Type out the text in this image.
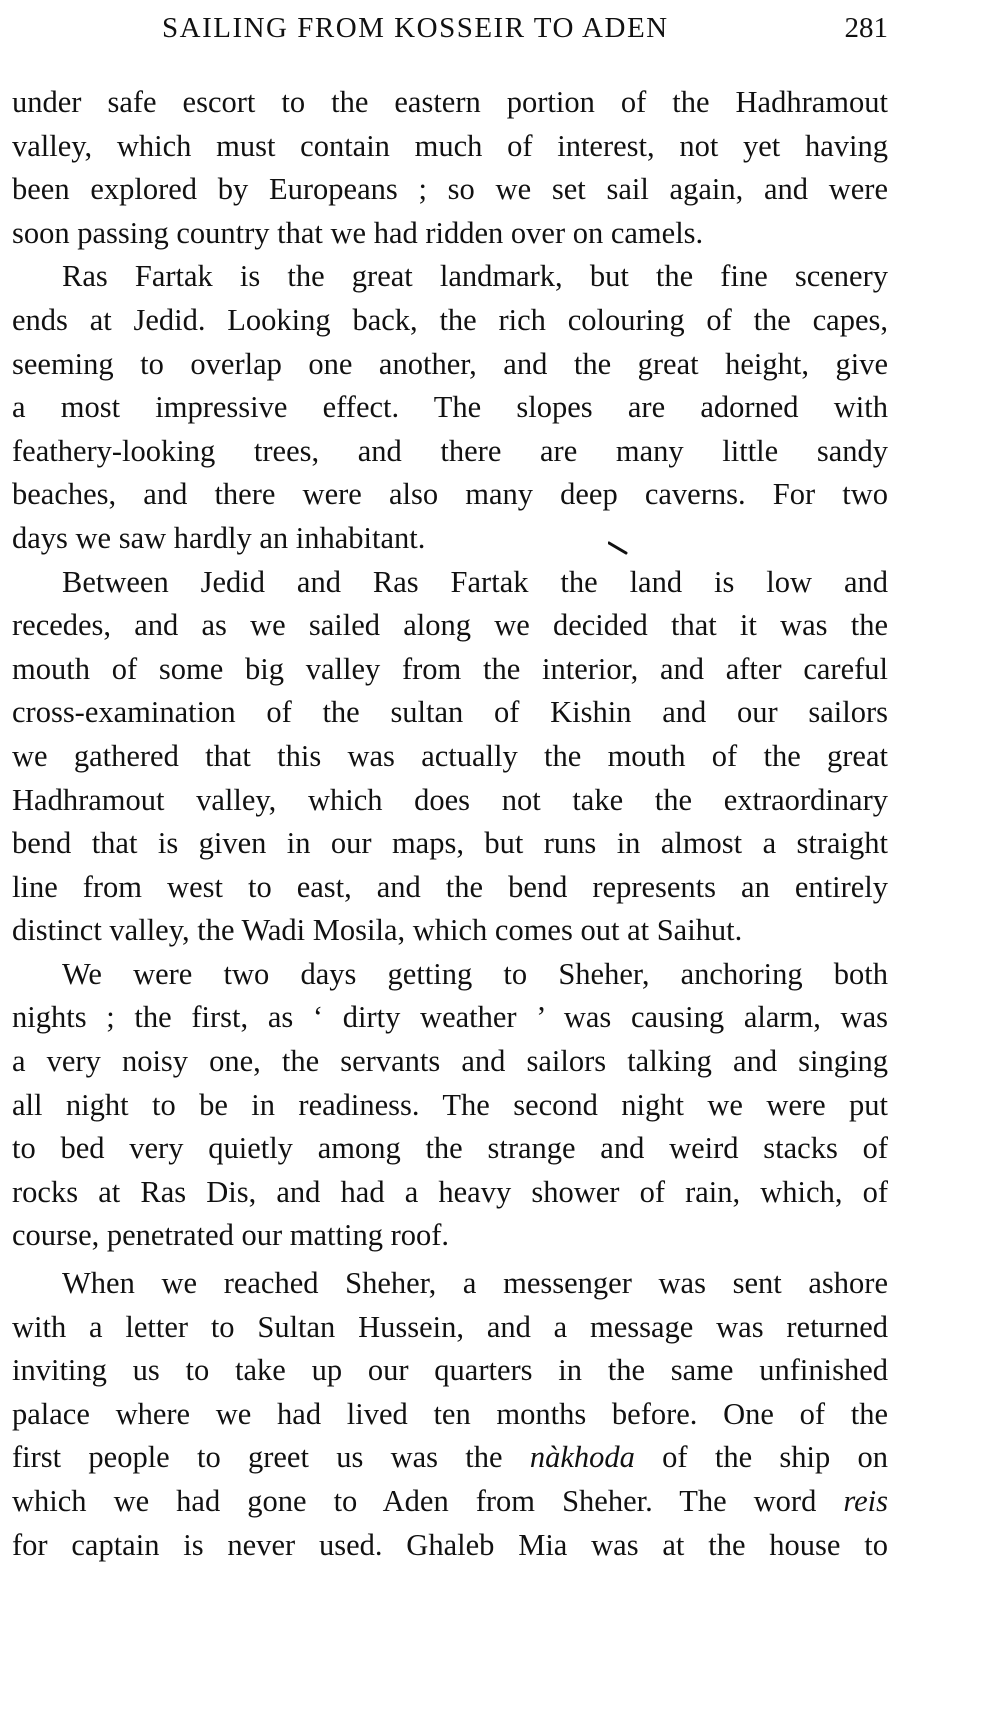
SAILING FROM KOSSEIR TO ADEN	281
under safe escort to the eastern portion of the Hadhramout
valley, which must contain much of interest, not yet having
been explored by Europeans ; so we set sail again, and were
soon passing country that we had ridden over on camels.
Ras Fartak is the great landmark, but the fine scenery
ends at Jedid. Looking back, the rich colouring of the capes,
seeming to overlap one another, and the great height, give
a most impressive effect. The slopes are adorned with
feathery-looking trees, and there are many little sandy
beaches, and there were also many deep caverns. For two
days we saw hardly an inhabitant.
Between Jedid and Ras Fartak the land is low and
recedes, and as we sailed along we decided that it was the
mouth of some big valley from the interior, and after careful
cross-examination of the sultan of Kishin and our sailors
we gathered that this was actually the mouth of the great
Hadhramout valley, which does not take the extraordinary
bend that is given in our maps, but runs in almost a straight
line from west to east, and the bend represents an entirely
distinct valley, the Wadi Mosila, which comes out at Saihut.
We were two days getting to Sheher, anchoring both
nights ; the first, as ‘ dirty weather ’ was causing alarm, was
a very noisy one, the servants and sailors talking and singing
all night to be in readiness. The second night we were put
to bed very quietly among the strange and weird stacks of
rocks at Ras Dis, and had a heavy shower of rain, which, of
course, penetrated our matting roof.
When we reached Sheher, a messenger was sent ashore
with a letter to Sultan Hussein, and a message was returned
inviting us to take up our quarters in the same unfinished
palace where we had lived ten months before. One of the
first people to greet us was the nàkhoda of the ship on
which we had gone to Aden from Sheher. The word reis
for captain is never used. Ghaleb Mia was at the house to
